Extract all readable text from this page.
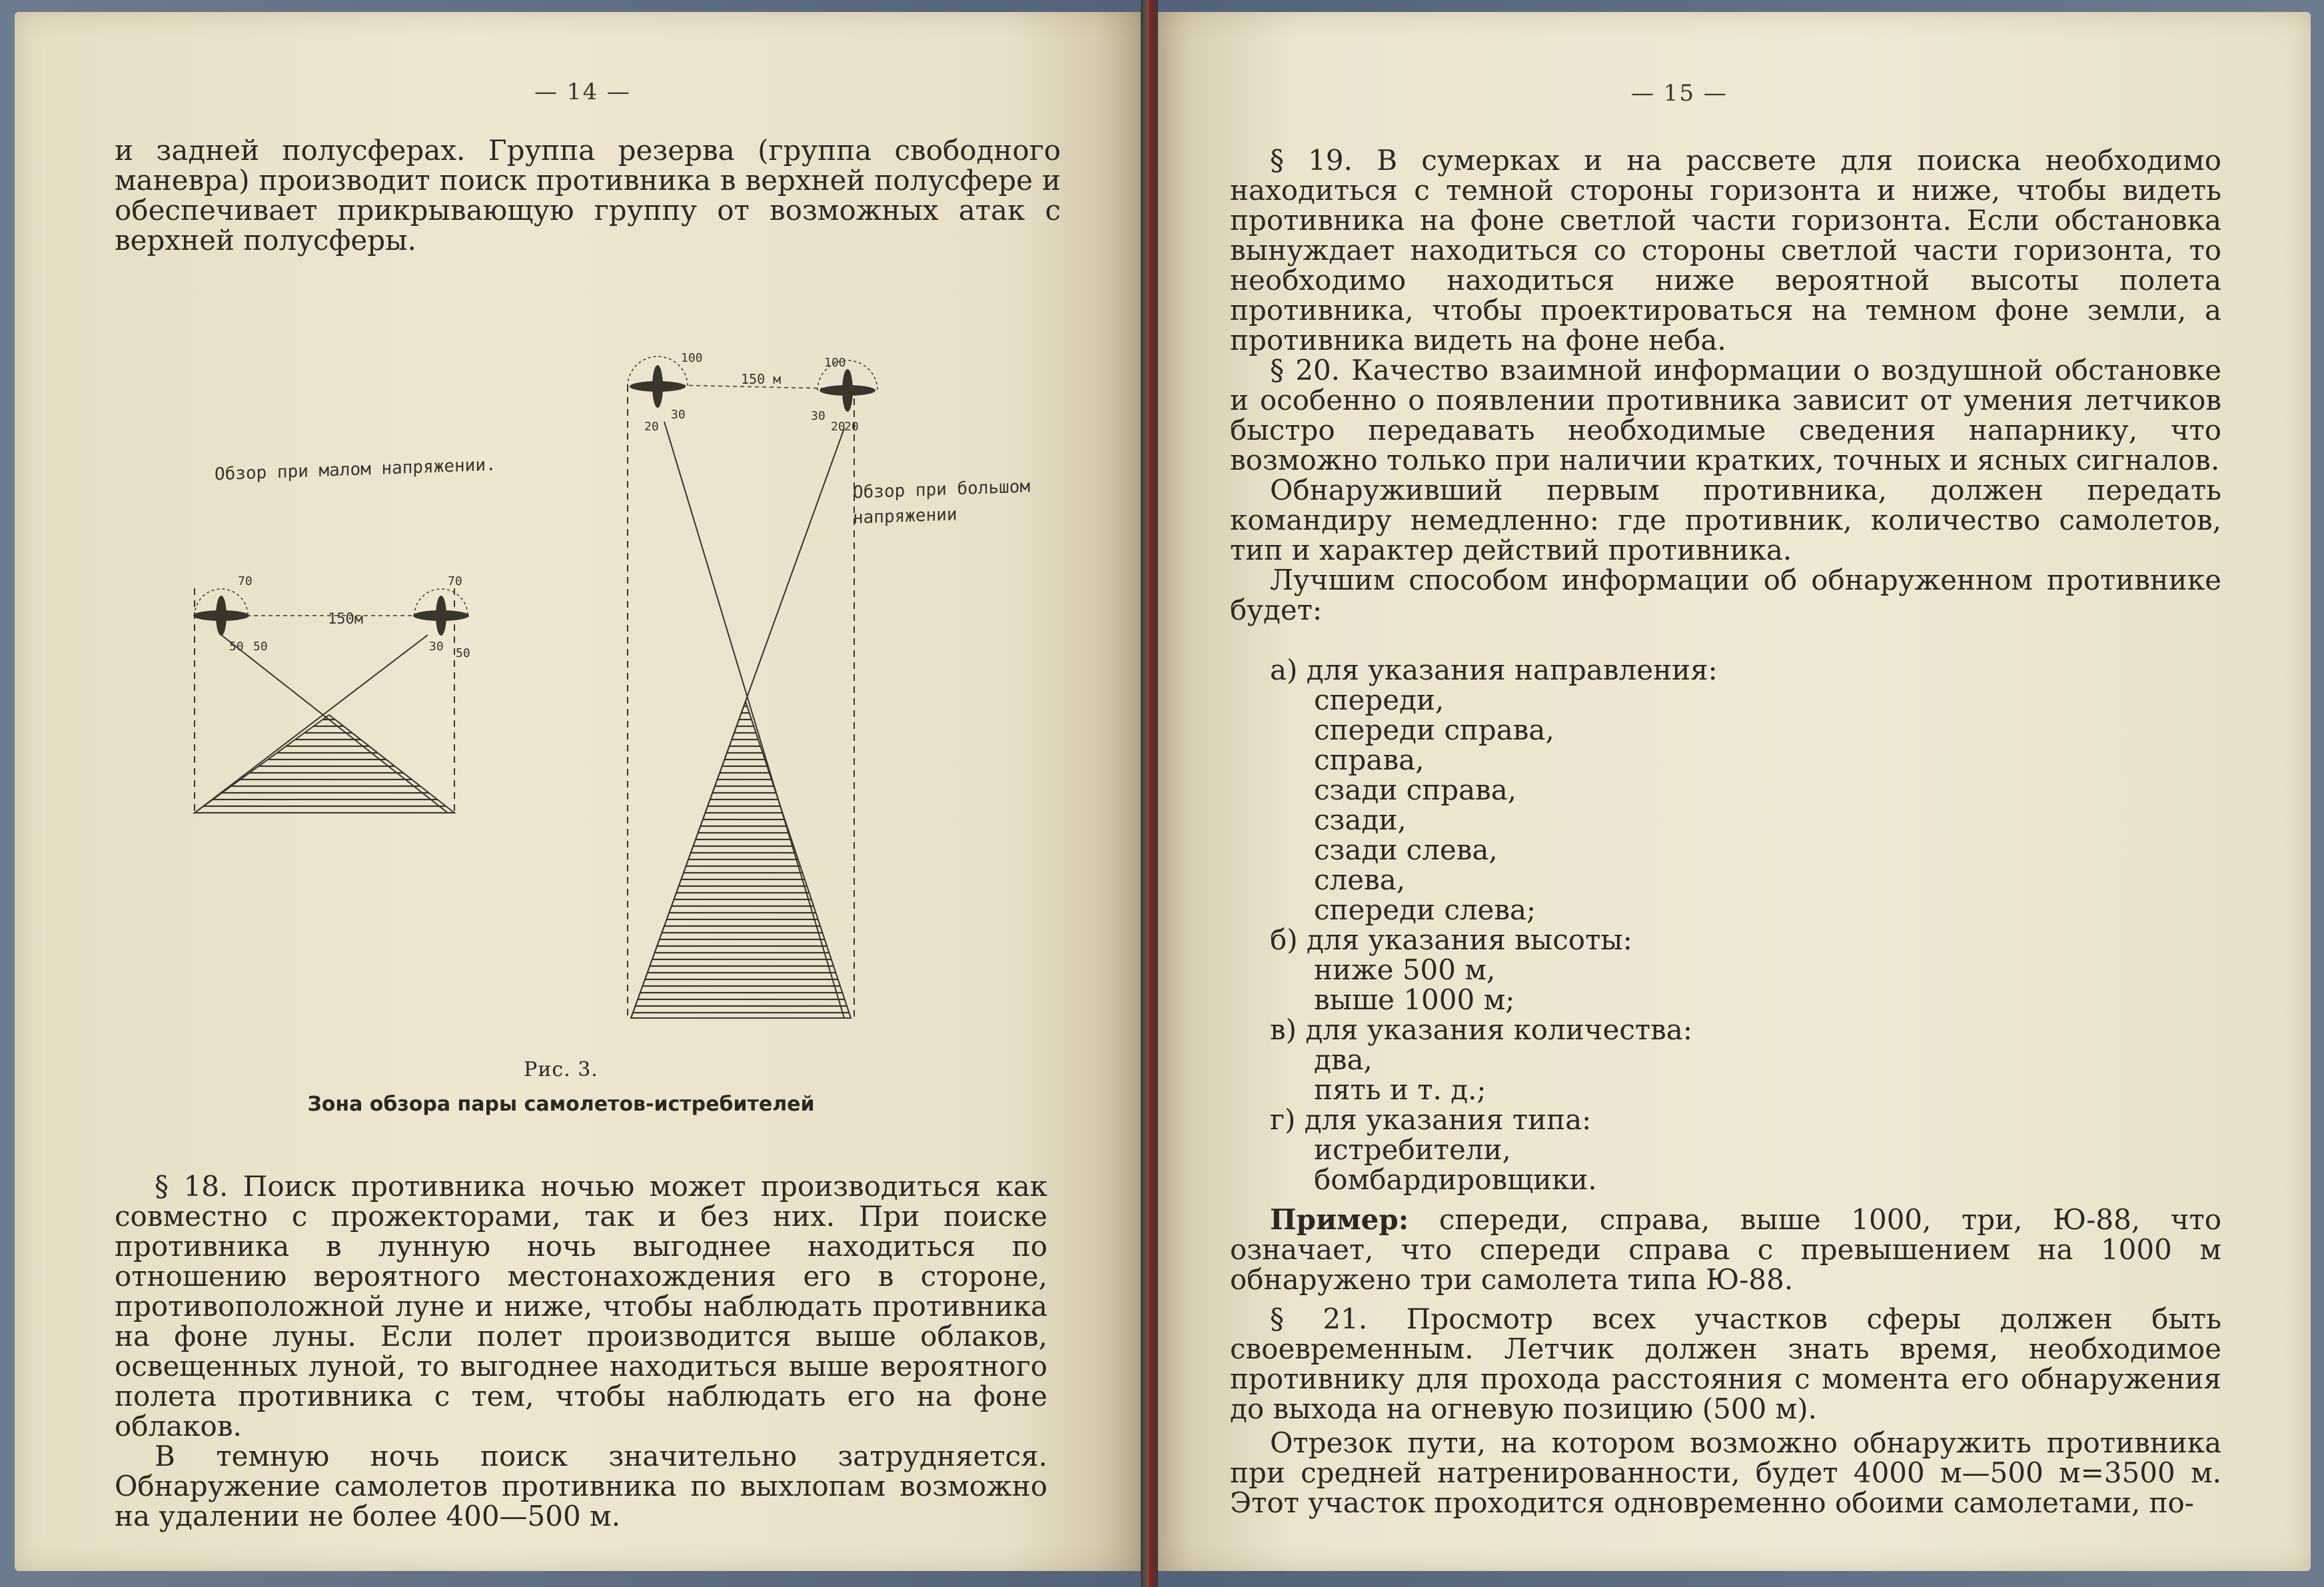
— 14 —

и задней полусферах. Группа резерва (группа свободного маневра) производит поиск противника в верхней полусфере и обеспечивает прикрывающую группу от возможных атак с верхней полусферы.

Обзор при малом напряжении.
Обзор при большом
напряжении
150м
150 м
70
50 50
70
30 50
100
30
20	20
100
30
20
Рис. 3.
Зона обзора пары самолетов-истребителей

§ 18. Поиск противника ночью может производиться как совместно с прожекторами, так и без них. При поиске противника в лунную ночь выгоднее находиться по отношению вероятного местонахождения его в стороне, противоположной луне и ниже, чтобы наблюдать противника на фоне луны. Если полет производится выше облаков, освещенных луной, то выгоднее находиться выше вероятного полета противника с тем, чтобы наблюдать его на фоне облаков.

В темную ночь поиск значительно затрудняется. Обнаружение самолетов противника по выхлопам возможно на удалении не более 400—500 м.

— 15 —

§ 19. В сумерках и на рассвете для поиска необходимо находиться с темной стороны горизонта и ниже, чтобы видеть противника на фоне светлой части горизонта. Если обстановка вынуждает находиться со стороны светлой части горизонта, то необходимо находиться ниже вероятной высоты полета противника, чтобы проектироваться на темном фоне земли, а противника видеть на фоне неба.

§ 20. Качество взаимной информации о воздушной обстановке и особенно о появлении противника зависит от умения летчиков быстро передавать необходимые сведения напарнику, что возможно только при наличии кратких, точных и ясных сигналов.

Обнаруживший первым противника, должен передать командиру немедленно: где противник, количество самолетов, тип и характер действий противника.

Лучшим способом информации об обнаруженном противнике будет:

а) для указания направления:
спереди,
спереди справа,
справа,
сзади справа,
сзади,
сзади слева,
слева,
спереди слева;
б) для указания высоты:
ниже 500 м,
выше 1000 м;
в) для указания количества:
два,
пять и т. д.;
г) для указания типа:
истребители,
бомбардировщики.

Пример: спереди, справа, выше 1000, три, Ю-88, что означает, что спереди справа с превышением на 1000 м обнаружено три самолета типа Ю-88.

§ 21. Просмотр всех участков сферы должен быть своевременным. Летчик должен знать время, необходимое противнику для прохода расстояния с момента его обнаружения до выхода на огневую позицию (500 м).

Отрезок пути, на котором возможно обнаружить противника при средней натренированности, будет 4000 м—500 м=3500 м. Этот участок проходится одновременно обоими самолетами, по-
